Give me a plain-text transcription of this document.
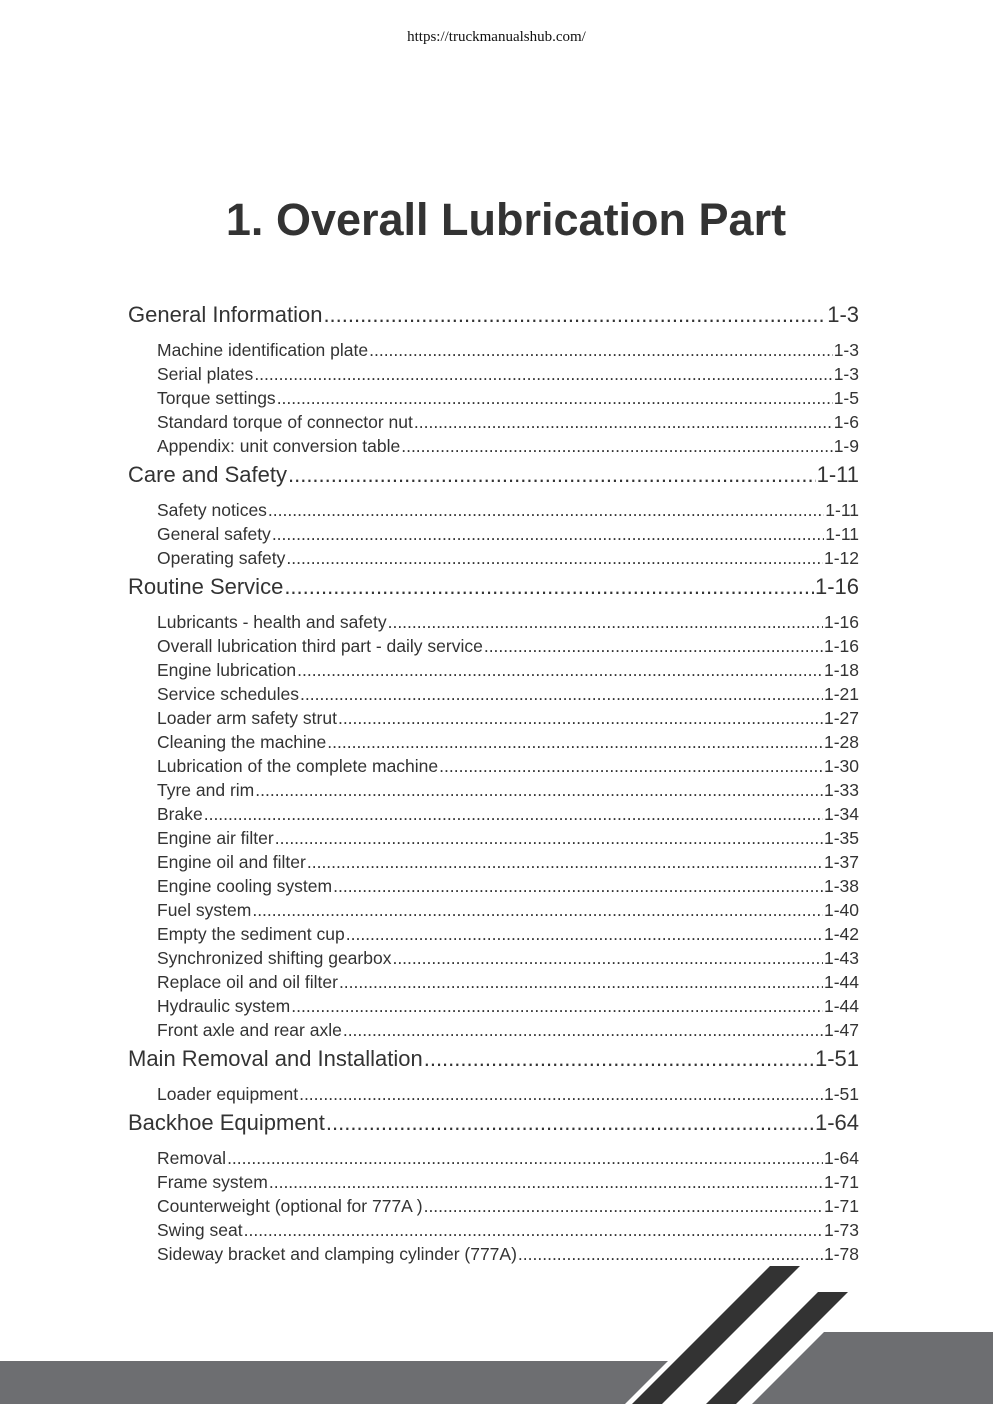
https://truckmanualshub.com/
1. Overall Lubrication Part
General Information .....	1-3
Machine identification plate .....	1-3
Serial plates .....	1-3
Torque settings .....	1-5
Standard torque of connector nut .....	1-6
Appendix: unit conversion table .....	1-9
Care and Safety .....	1-11
Safety notices .....	1-11
General safety .....	1-11
Operating safety .....	1-12
Routine Service .....	1-16
Lubricants - health and safety .....	1-16
Overall lubrication third part - daily service .....	1-16
Engine lubrication .....	1-18
Service schedules .....	1-21
Loader arm safety strut .....	1-27
Cleaning the machine .....	1-28
Lubrication of the complete machine .....	1-30
Tyre and rim .....	1-33
Brake .....	1-34
Engine air filter .....	1-35
Engine oil and filter .....	1-37
Engine cooling system .....	1-38
Fuel system .....	1-40
Empty the sediment cup .....	1-42
Synchronized shifting gearbox .....	1-43
Replace oil and oil filter .....	1-44
Hydraulic system .....	1-44
Front axle and rear axle .....	1-47
Main Removal and Installation .....	1-51
Loader equipment .....	1-51
Backhoe Equipment .....	1-64
Removal .....	1-64
Frame system .....	1-71
Counterweight (optional for 777A ) .....	1-71
Swing seat .....	1-73
Sideway bracket and clamping cylinder (777A) .....	1-78
